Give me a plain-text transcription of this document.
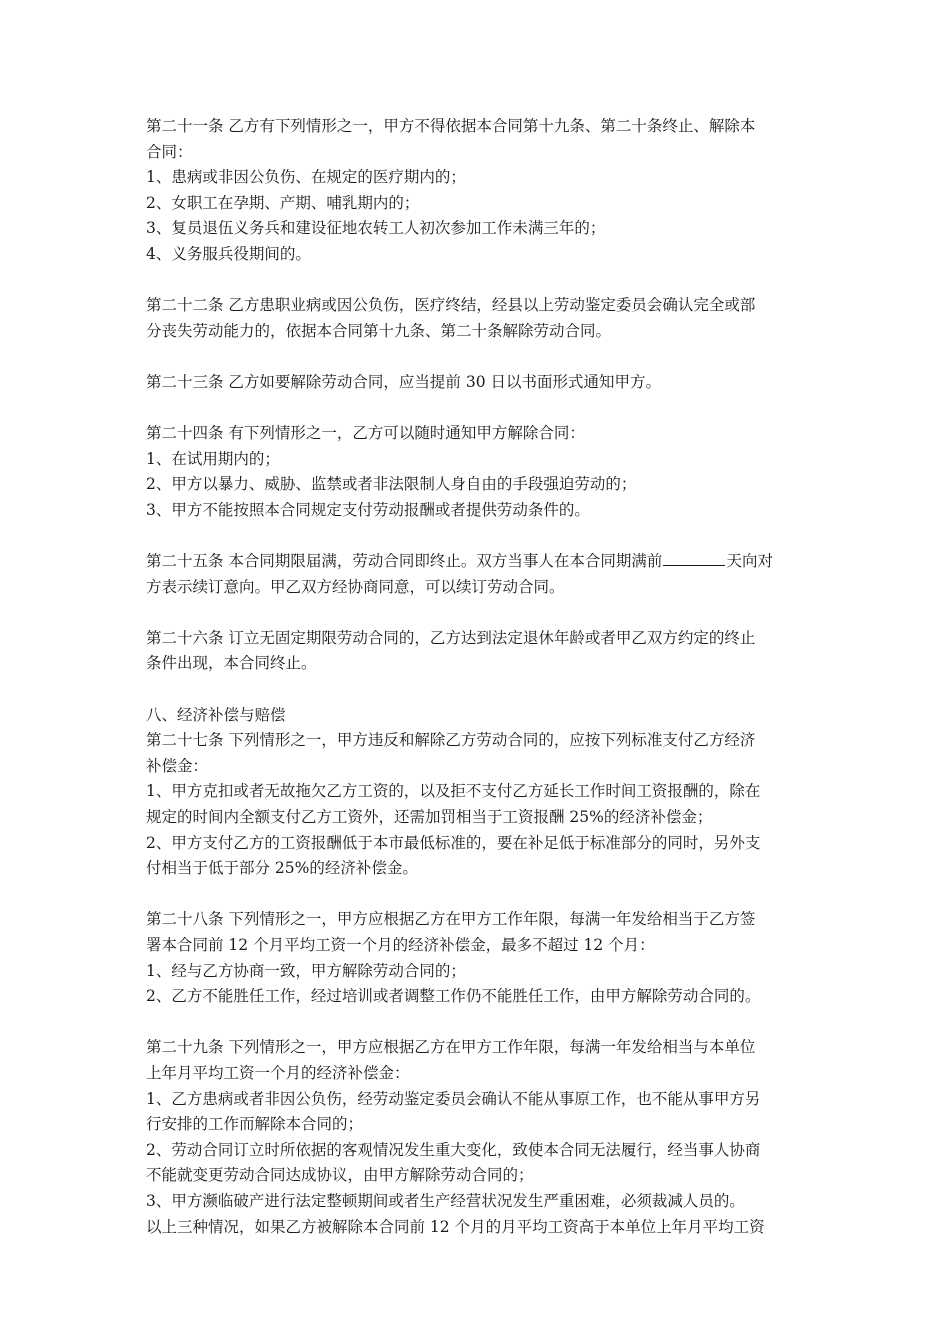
第二十一条 乙方有下列情形之一，甲方不得依据本合同第十九条、第二十条终止、解除本
合同：
1、患病或非因公负伤、在规定的医疗期内的；
2、女职工在孕期、产期、哺乳期内的；
3、复员退伍义务兵和建设征地农转工人初次参加工作未满三年的；
4、义务服兵役期间的。
第二十二条 乙方患职业病或因公负伤，医疗终结，经县以上劳动鉴定委员会确认完全或部
分丧失劳动能力的，依据本合同第十九条、第二十条解除劳动合同。
第二十三条 乙方如要解除劳动合同，应当提前 30 日以书面形式通知甲方。
第二十四条 有下列情形之一，乙方可以随时通知甲方解除合同：
1、在试用期内的；
2、甲方以暴力、威胁、监禁或者非法限制人身自由的手段强迫劳动的；
3、甲方不能按照本合同规定支付劳动报酬或者提供劳动条件的。
第二十五条 本合同期限届满，劳动合同即终止。双方当事人在本合同期满前	天向对
方表示续订意向。甲乙双方经协商同意，可以续订劳动合同。
第二十六条 订立无固定期限劳动合同的，乙方达到法定退休年龄或者甲乙双方约定的终止
条件出现，本合同终止。
八、经济补偿与赔偿
第二十七条 下列情形之一，甲方违反和解除乙方劳动合同的，应按下列标准支付乙方经济
补偿金：
1、甲方克扣或者无故拖欠乙方工资的，以及拒不支付乙方延长工作时间工资报酬的，除在
规定的时间内全额支付乙方工资外，还需加罚相当于工资报酬 25%的经济补偿金；
2、甲方支付乙方的工资报酬低于本市最低标准的，要在补足低于标准部分的同时，另外支
付相当于低于部分 25%的经济补偿金。
第二十八条 下列情形之一，甲方应根据乙方在甲方工作年限，每满一年发给相当于乙方签
署本合同前 12 个月平均工资一个月的经济补偿金，最多不超过 12 个月：
1、经与乙方协商一致，甲方解除劳动合同的；
2、乙方不能胜任工作，经过培训或者调整工作仍不能胜任工作，由甲方解除劳动合同的。
第二十九条 下列情形之一，甲方应根据乙方在甲方工作年限，每满一年发给相当与本单位
上年月平均工资一个月的经济补偿金：
1、乙方患病或者非因公负伤，经劳动鉴定委员会确认不能从事原工作，也不能从事甲方另
行安排的工作而解除本合同的；
2、劳动合同订立时所依据的客观情况发生重大变化，致使本合同无法履行，经当事人协商
不能就变更劳动合同达成协议，由甲方解除劳动合同的；
3、甲方濒临破产进行法定整顿期间或者生产经营状况发生严重困难，必须裁减人员的。
以上三种情况，如果乙方被解除本合同前 12 个月的月平均工资高于本单位上年月平均工资
